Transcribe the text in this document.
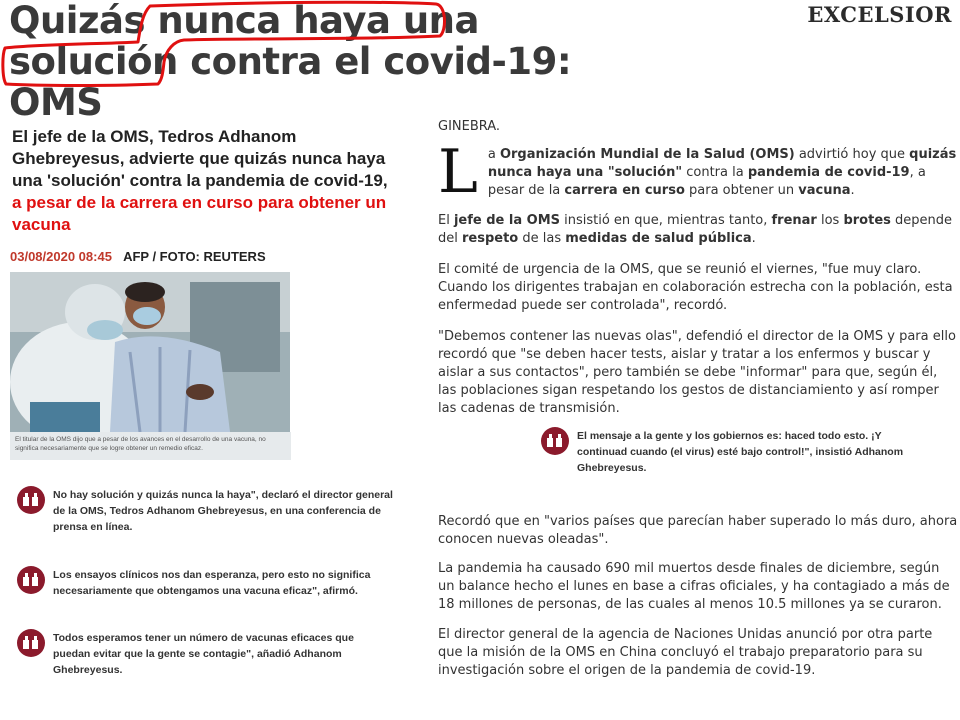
Quizás nunca haya una
solución contra el covid-19:
OMS
EXCELSIOR
El jefe de la OMS, Tedros Adhanom Ghebreyesus, advierte que quizás nunca haya una 'solución' contra la pandemia de covid-19, a pesar de la carrera en curso para obtener un vacuna
03/08/2020 08:45 AFP / FOTO: REUTERS
El titular de la OMS dijo que a pesar de los avances en el desarrollo de una vacuna, no significa necesariamente que se logre obtener un remedio eficaz.
No hay solución y quizás nunca la haya", declaró el director general de la OMS, Tedros Adhanom Ghebreyesus, en una conferencia de prensa en línea.
Los ensayos clínicos nos dan esperanza, pero esto no significa necesariamente que obtengamos una vacuna eficaz", afirmó.
Todos esperamos tener un número de vacunas eficaces que puedan evitar que la gente se contagie", añadió Adhanom Ghebreyesus.
GINEBRA.
L a Organización Mundial de la Salud (OMS) advirtió hoy que quizás nunca haya una "solución" contra la pandemia de covid-19, a pesar de la carrera en curso para obtener un vacuna.
El jefe de la OMS insistió en que, mientras tanto, frenar los brotes depende del respeto de las medidas de salud pública.
El comité de urgencia de la OMS, que se reunió el viernes, "fue muy claro. Cuando los dirigentes trabajan en colaboración estrecha con la población, esta enfermedad puede ser controlada", recordó.
"Debemos contener las nuevas olas", defendió el director de la OMS y para ello recordó que "se deben hacer tests, aislar y tratar a los enfermos y buscar y aislar a sus contactos", pero también se debe "informar" para que, según él, las poblaciones sigan respetando los gestos de distanciamiento y así romper las cadenas de transmisión.
El mensaje a la gente y los gobiernos es: haced todo esto. ¡Y continuad cuando (el virus) esté bajo control!", insistió Adhanom Ghebreyesus.
Recordó que en "varios países que parecían haber superado lo más duro, ahora conocen nuevas oleadas".
La pandemia ha causado 690 mil muertos desde finales de diciembre, según un balance hecho el lunes en base a cifras oficiales, y ha contagiado a más de 18 millones de personas, de las cuales al menos 10.5 millones ya se curaron.
El director general de la agencia de Naciones Unidas anunció por otra parte que la misión de la OMS en China concluyó el trabajo preparatorio para su investigación sobre el origen de la pandemia de covid-19.
